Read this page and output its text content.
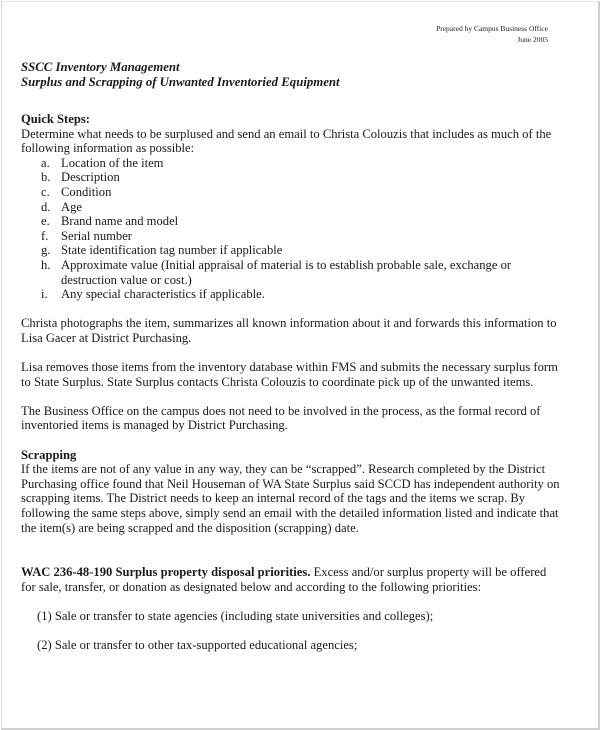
Prepared by Campus Business Office
June 2005

SSCC Inventory Management

Surplus and Scrapping of Unwanted Inventoried Equipment

Quick Steps:

Determine what needs to be surplused and send an email to Christa Colouzis that includes as much of the following information as possible:

a. Location of the item
b. Description
c. Condition
d. Age
e. Brand name and model
f.	Serial number
g. State identification tag number if applicable
h. Approximate value (Initial appraisal of material is to establish probable sale, exchange or destruction value or cost.)
i.	Any special characteristics if applicable.

Christa photographs the item, summarizes all known information about it and forwards this information to Lisa Gacer at District Purchasing.

Lisa removes those items from the inventory database within FMS and submits the necessary surplus form to State Surplus. State Surplus contacts Christa Colouzis to coordinate pick up of the unwanted items.

The Business Office on the campus does not need to be involved in the process, as the formal record of inventoried items is managed by District Purchasing.

Scrapping

If the items are not of any value in any way, they can be “scrapped”. Research completed by the District Purchasing office found that Neil Houseman of WA State Surplus said SCCD has independent authority on scrapping items. The District needs to keep an internal record of the tags and the items we scrap. By following the same steps above, simply send an email with the detailed information listed and indicate that the item(s) are being scrapped and the disposition (scrapping) date.

WAC 236-48-190 Surplus property disposal priorities. Excess and/or surplus property will be offered for sale, transfer, or donation as designated below and according to the following priorities:

(1) Sale or transfer to state agencies (including state universities and colleges);

(2) Sale or transfer to other tax-supported educational agencies;
